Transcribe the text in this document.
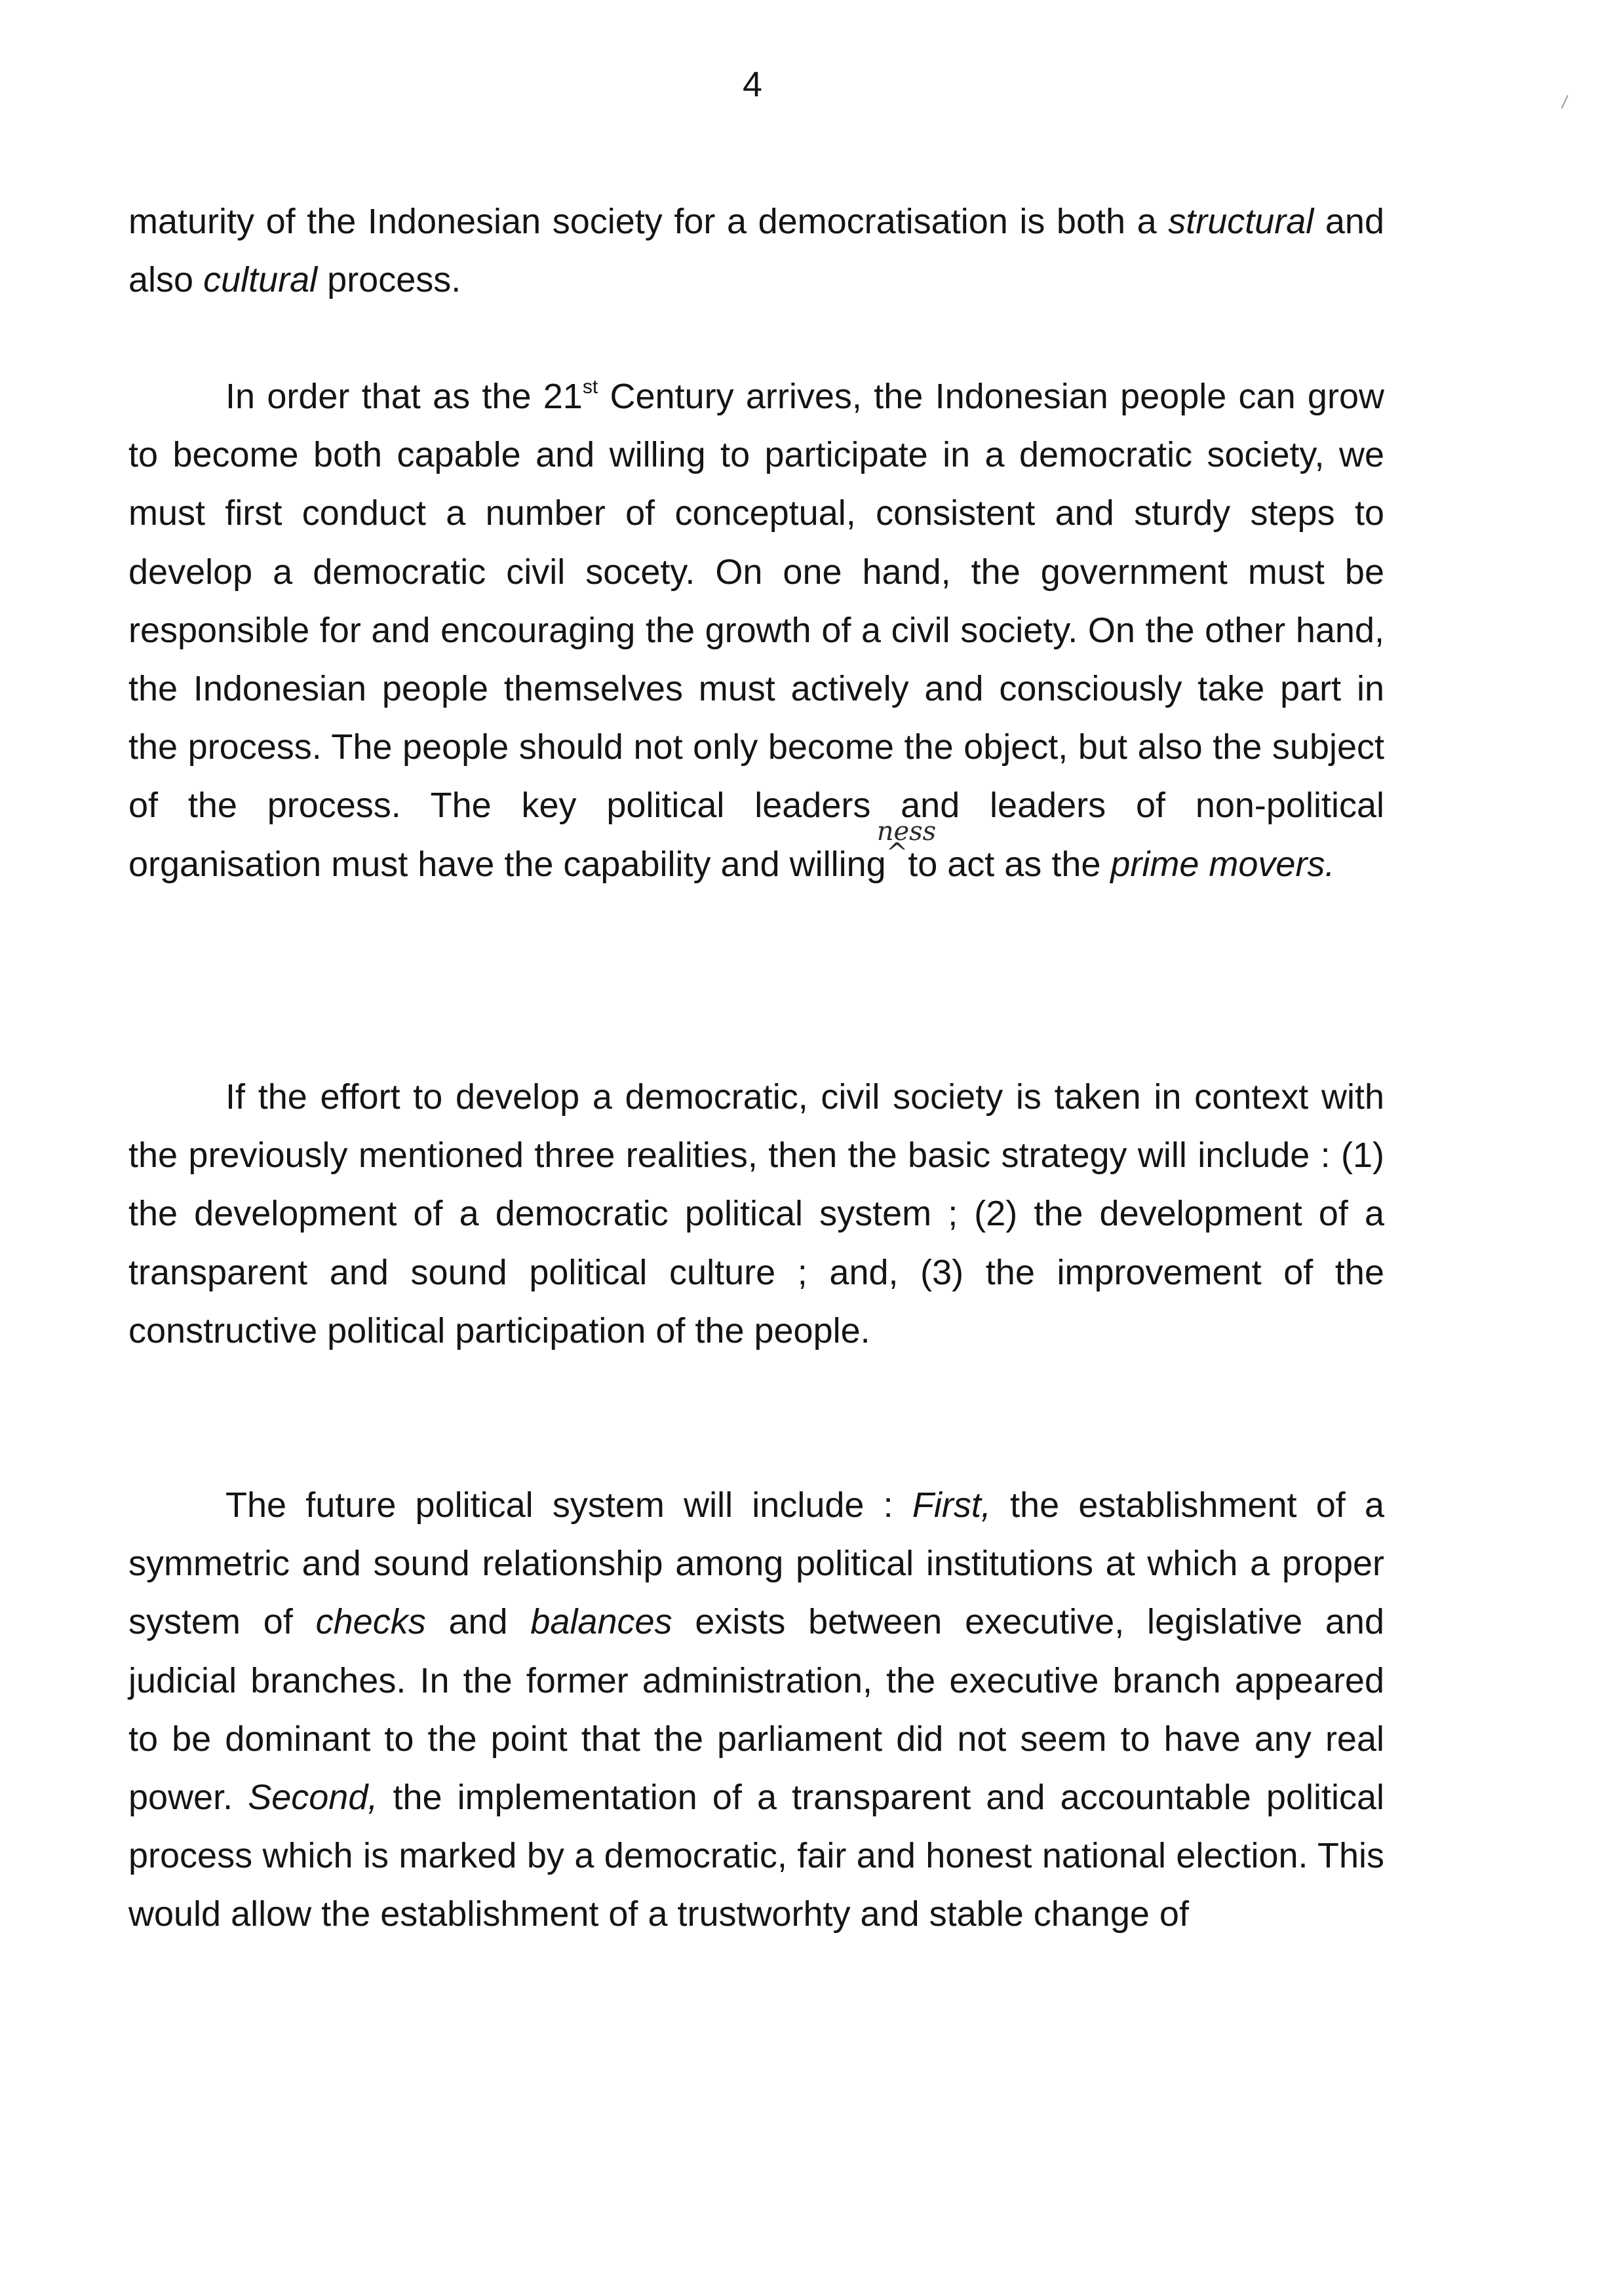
4

maturity of the Indonesian society for a democratisation is both a structural and also cultural process.

In order that as the 21st Century arrives, the Indonesian people can grow to become both capable and willing to participate in a democratic society, we must first conduct a number of conceptual, consistent and sturdy steps to develop a democratic civil socety. On one hand, the government must be responsible for and encouraging the growth of a civil society. On the other hand, the Indonesian people themselves must actively and consciously take part in the process. The people should not only become the object, but also the subject of the process. The key political leaders and leaders of non-political organisation must have the capability and willing^
ness
to act as the prime movers.

If the effort to develop a democratic, civil society is taken in context with the previously mentioned three realities, then the basic strategy will include : (1) the development of a democratic political system ; (2) the development of a transparent and sound political culture ; and, (3) the improvement of the constructive political participation of the people.

The future political system will include : First, the establishment of a symmetric and sound relationship among political institutions at which a proper system of checks and balances exists between executive, legislative and judicial branches. In the former administration, the executive branch appeared to be dominant to the point that the parliament did not seem to have any real power. Second, the implementation of a transparent and accountable political process which is marked by a democratic, fair and honest national election. This would allow the establishment of a trustworhty and stable change of
